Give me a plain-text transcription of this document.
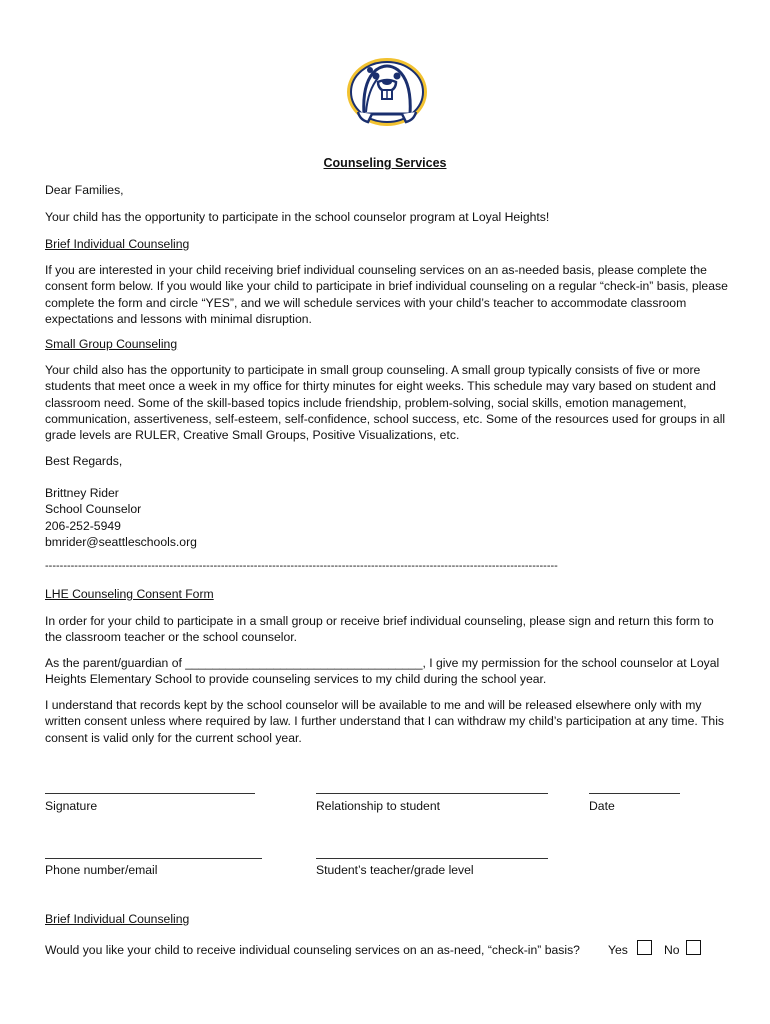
Counseling Services
Dear Families,
Your child has the opportunity to participate in the school counselor program at Loyal Heights!
Brief Individual Counseling
If you are interested in your child receiving brief individual counseling services on an as-needed basis, please complete the consent form below. If you would like your child to participate in brief individual counseling on a regular “check-in” basis, please complete the form and circle “YES”, and we will schedule services with your child’s teacher to accommodate classroom expectations and lessons with minimal disruption.
Small Group Counseling
Your child also has the opportunity to participate in small group counseling. A small group typically consists of five or more students that meet once a week in my office for thirty minutes for eight weeks. This schedule may vary based on student and classroom need. Some of the skill-based topics include friendship, problem-solving, social skills, emotion management, communication, assertiveness, self-esteem, self-confidence, school success, etc. Some of the resources used for groups in all grade levels are RULER, Creative Small Groups, Positive Visualizations, etc.
Best Regards,
Brittney Rider
School Counselor
206-252-5949
bmrider@seattleschools.org
--------------------------------------------------------------------------------------------------------------------------------------------
LHE Counseling Consent Form
In order for your child to participate in a small group or receive brief individual counseling, please sign and return this form to the classroom teacher or the school counselor.
As the parent/guardian of ___________________________________, I give my permission for the school counselor at Loyal Heights Elementary School to provide counseling services to my child during the school year.
I understand that records kept by the school counselor will be available to me and will be released elsewhere only with my written consent unless where required by law. I further understand that I can withdraw my child’s participation at any time. This consent is valid only for the current school year.
Signature	Relationship to student	Date
Phone number/email	Student’s teacher/grade level
Brief Individual Counseling
Would you like your child to receive individual counseling services on an as-need, “check-in” basis? Yes	No
